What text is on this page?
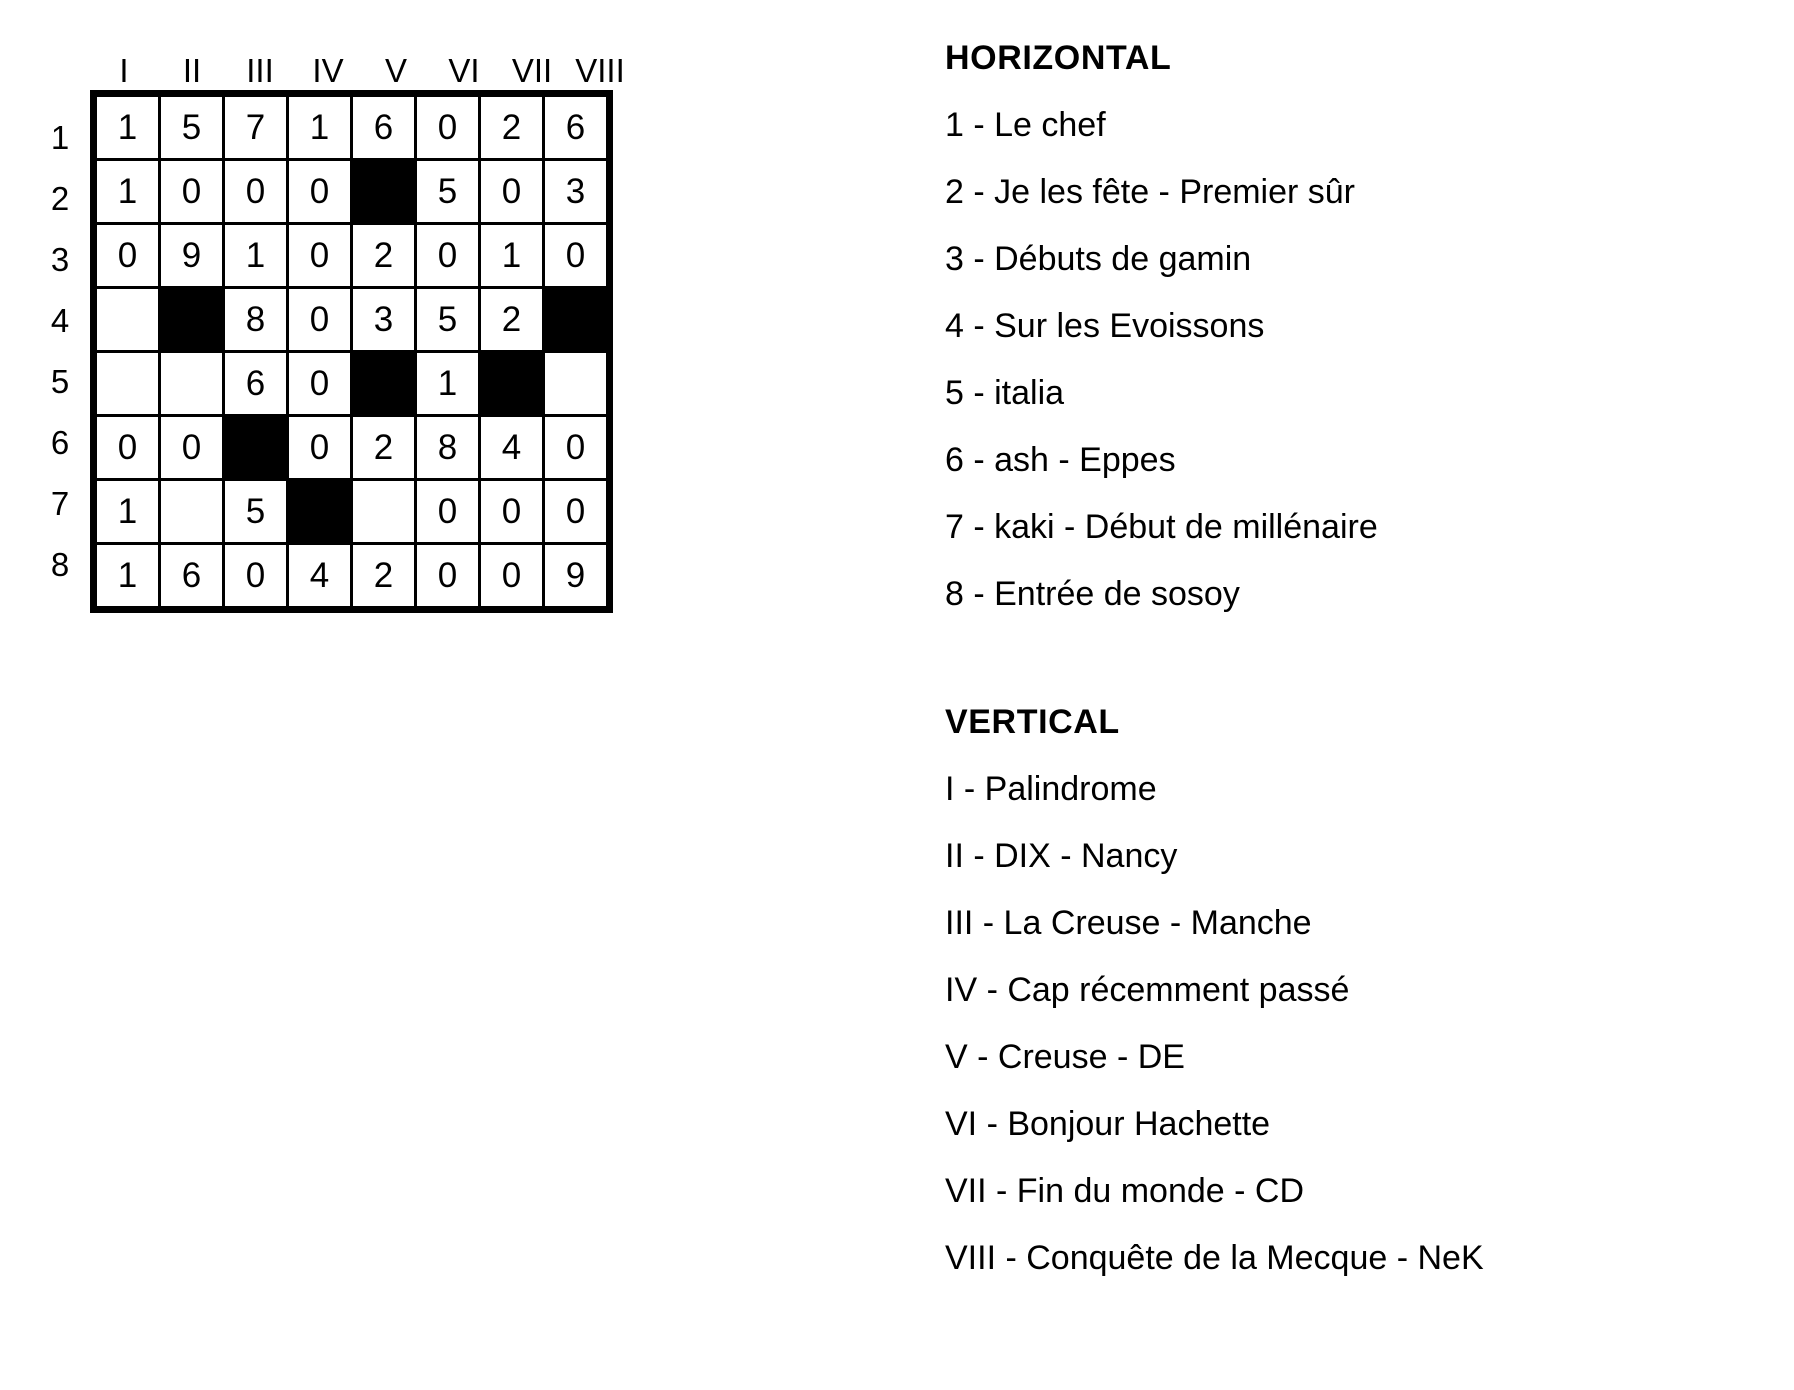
	I	II	III	IV	V	VI	VII	VIII

1
2
3
4
5
6
7
8

1	5	7	1	6	0	2	6
1	0	0	0		5	0	3
0	9	1	0	2	0	1	0
		8	0	3	5	2	
		6	0		1		
0	0		0	2	8	4	0
1		5			0	0	0
1	6	0	4	2	0	0	9
HORIZONTAL
1 - Le chef
2 - Je les fête - Premier sûr
3 - Débuts de gamin
4 - Sur les Evoissons
5 - italia
6 - ash - Eppes
7 - kaki - Début de millénaire
8 - Entrée de sosoy
VERTICAL
I - Palindrome
II - DIX - Nancy
III - La Creuse - Manche
IV - Cap récemment passé
V - Creuse - DE
VI - Bonjour Hachette
VII - Fin du monde - CD
VIII - Conquête de la Mecque - NeK
